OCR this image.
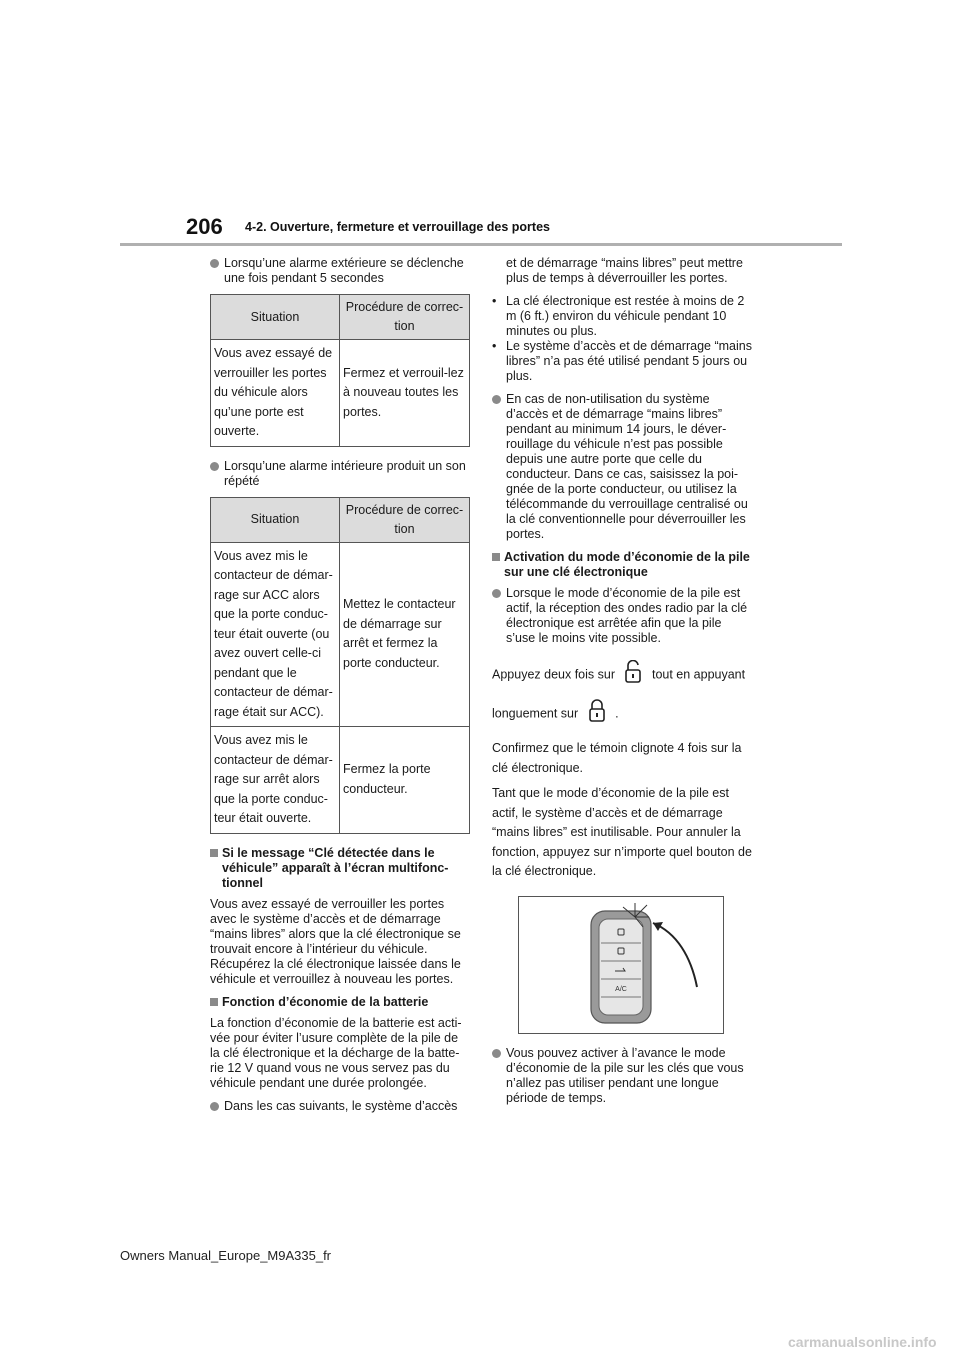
206 4-2. Ouverture, fermeture et verrouillage des portes
Lorsqu’une alarme extérieure se déclenche une fois pendant 5 secondes
Situation	Procédure de correc-tion
Vous avez essayé de verrouiller les portes du véhicule alors qu’une porte est ouverte.	Fermez et verrouil-lez à nouveau toutes les portes.
Lorsqu’une alarme intérieure produit un son répété
Situation	Procédure de correc-tion
Vous avez mis le contacteur de démar-rage sur ACC alors que la porte conduc-teur était ouverte (ou avez ouvert celle-ci pendant que le contacteur de démar-rage était sur ACC).	Mettez le contacteur de démarrage sur arrêt et fermez la porte conducteur.
Vous avez mis le contacteur de démar-rage sur arrêt alors que la porte conduc-teur était ouverte.	Fermez la porte conducteur.
Si le message “Clé détectée dans le véhicule” apparaît à l’écran multifonc-tionnel

Vous avez essayé de verrouiller les portes avec le système d’accès et de démarrage “mains libres” alors que la clé électronique se trouvait encore à l’intérieur du véhicule. Récupérez la clé électronique laissée dans le véhicule et verrouillez à nouveau les portes.

Fonction d’économie de la batterie

La fonction d’économie de la batterie est acti-vée pour éviter l’usure complète de la pile de la clé électronique et la décharge de la batte-rie 12 V quand vous ne vous servez pas du véhicule pendant une durée prolongée.

Dans les cas suivants, le système d’accès

et de démarrage “mains libres” peut mettre plus de temps à déverrouiller les portes.

• La clé électronique est restée à moins de 2 m (6 ft.) environ du véhicule pendant 10 minutes ou plus.
• Le système d’accès et de démarrage “mains libres” n’a pas été utilisé pendant 5 jours ou plus.
En cas de non-utilisation du système d’accès et de démarrage “mains libres” pendant au minimum 14 jours, le déver-rouillage du véhicule n’est pas possible depuis une autre porte que celle du conducteur. Dans ce cas, saisissez la poi-gnée de la porte conducteur, ou utilisez la télécommande du verrouillage centralisé ou la clé conventionnelle pour déverrouiller les portes.
Activation du mode d’économie de la pile sur une clé électronique
Lorsque le mode d’économie de la pile est actif, la réception des ondes radio par la clé électronique est arrêtée afin que la pile s’use le moins vite possible.

Appuyez deux fois sur	tout en appuyant

longuement sur	.

Confirmez que le témoin clignote 4 fois sur la clé électronique.

Tant que le mode d’économie de la pile est actif, le système d’accès et de démarrage “mains libres” est inutilisable. Pour annuler la fonction, appuyez sur n’importe quel bouton de la clé électronique.

A/C
Vous pouvez activer à l’avance le mode d’économie de la pile sur les clés que vous n’allez pas utiliser pendant une longue période de temps.
Owners Manual_Europe_M9A335_fr
carmanualsonline.info
